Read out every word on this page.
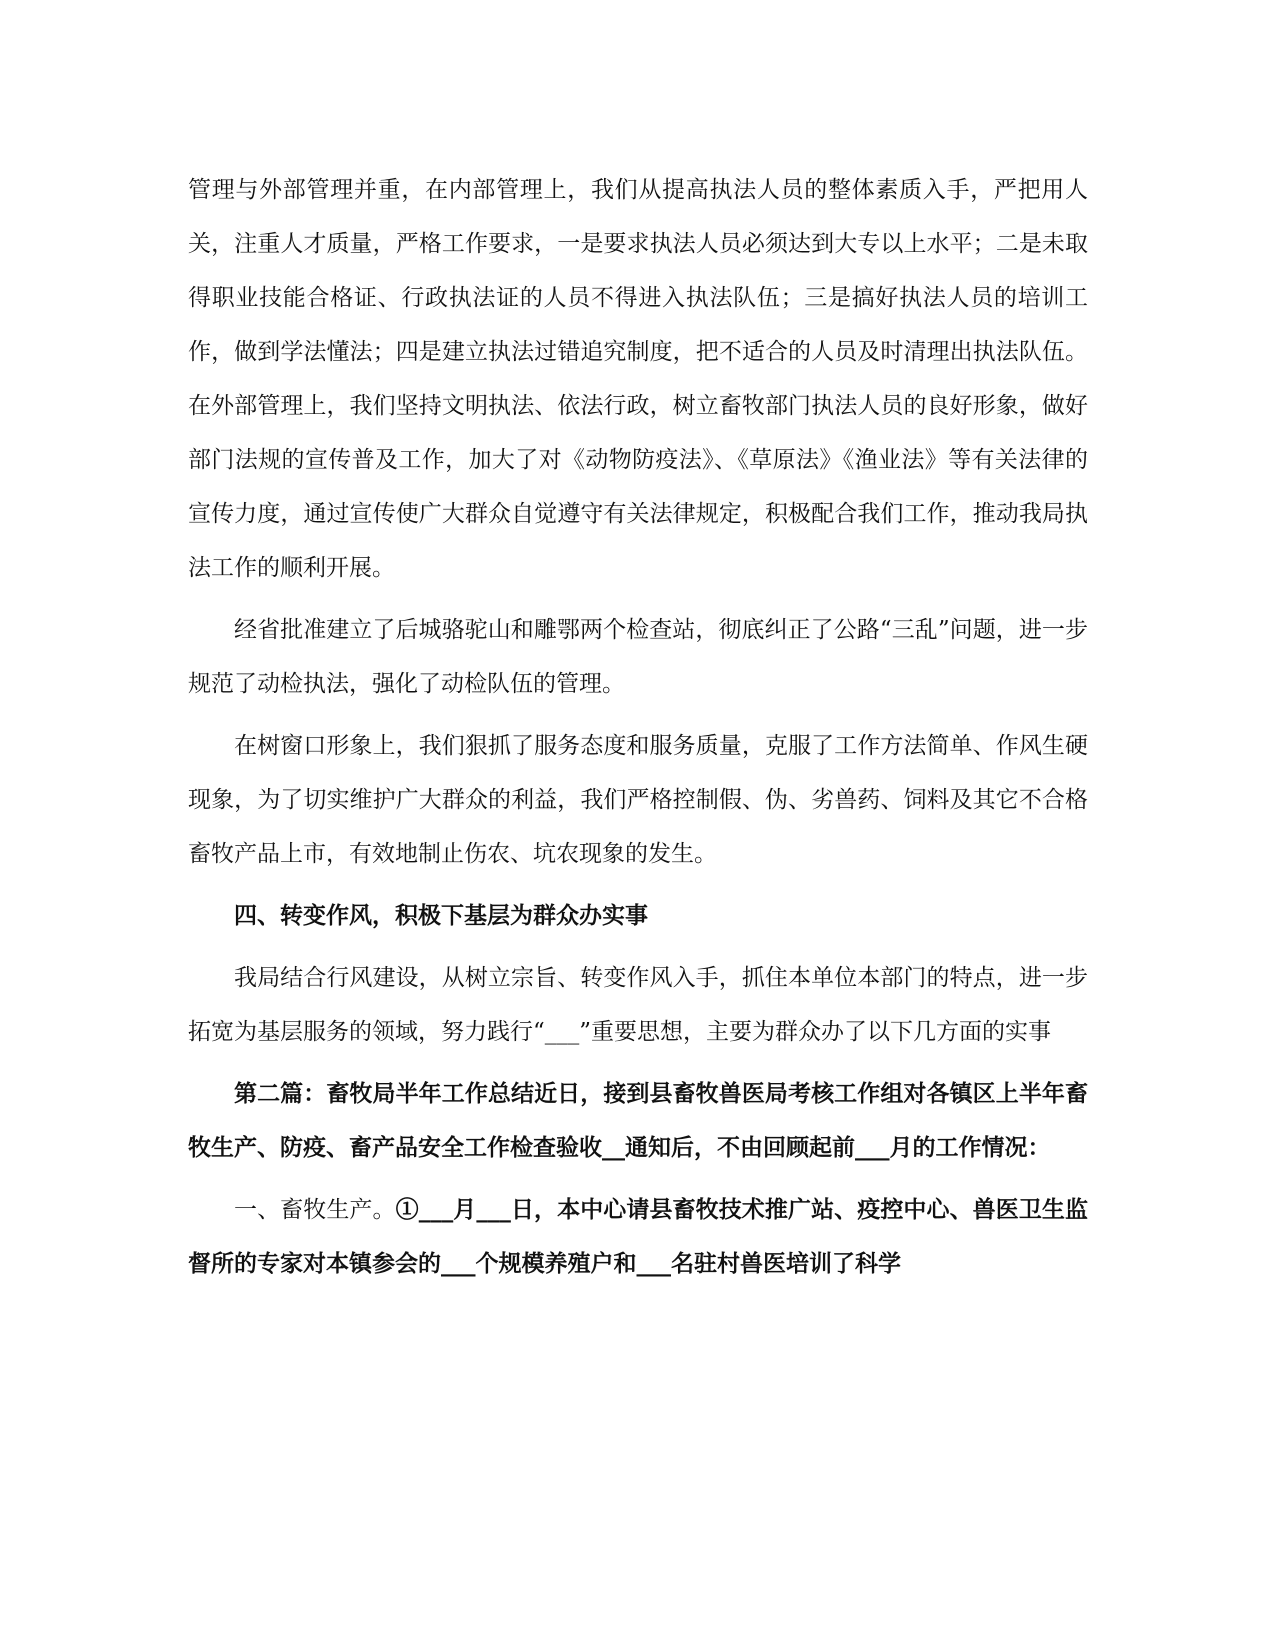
管理与外部管理并重，在内部管理上，我们从提高执法人员的整体素质入手，严把用人关，注重人才质量，严格工作要求，一是要求执法人员必须达到大专以上水平；二是未取得职业技能合格证、行政执法证的人员不得进入执法队伍；三是搞好执法人员的培训工作，做到学法懂法；四是建立执法过错追究制度，把不适合的人员及时清理出执法队伍。在外部管理上，我们坚持文明执法、依法行政，树立畜牧部门执法人员的良好形象，做好部门法规的宣传普及工作，加大了对《动物防疫法》、《草原法》《渔业法》等有关法律的宣传力度，通过宣传使广大群众自觉遵守有关法律规定，积极配合我们工作，推动我局执法工作的顺利开展。

经省批准建立了后城骆驼山和雕鄂两个检查站，彻底纠正了公路“三乱”问题，进一步规范了动检执法，强化了动检队伍的管理。

在树窗口形象上，我们狠抓了服务态度和服务质量，克服了工作方法简单、作风生硬现象，为了切实维护广大群众的利益，我们严格控制假、伪、劣兽药、饲料及其它不合格畜牧产品上市，有效地制止伤农、坑农现象的发生。

四、转变作风，积极下基层为群众办实事

我局结合行风建设，从树立宗旨、转变作风入手，抓住本单位本部门的特点，进一步拓宽为基层服务的领域，努力践行“___”重要思想，主要为群众办了以下几方面的实事

第二篇：畜牧局半年工作总结近日，接到县畜牧兽医局考核工作组对各镇区上半年畜牧生产、防疫、畜产品安全工作检查验收__通知后，不由回顾起前___月的工作情况：

一、畜牧生产。①___月___日，本中心请县畜牧技术推广站、疫控中心、兽医卫生监督所的专家对本镇参会的___个规模养殖户和___名驻村兽医培训了科学
